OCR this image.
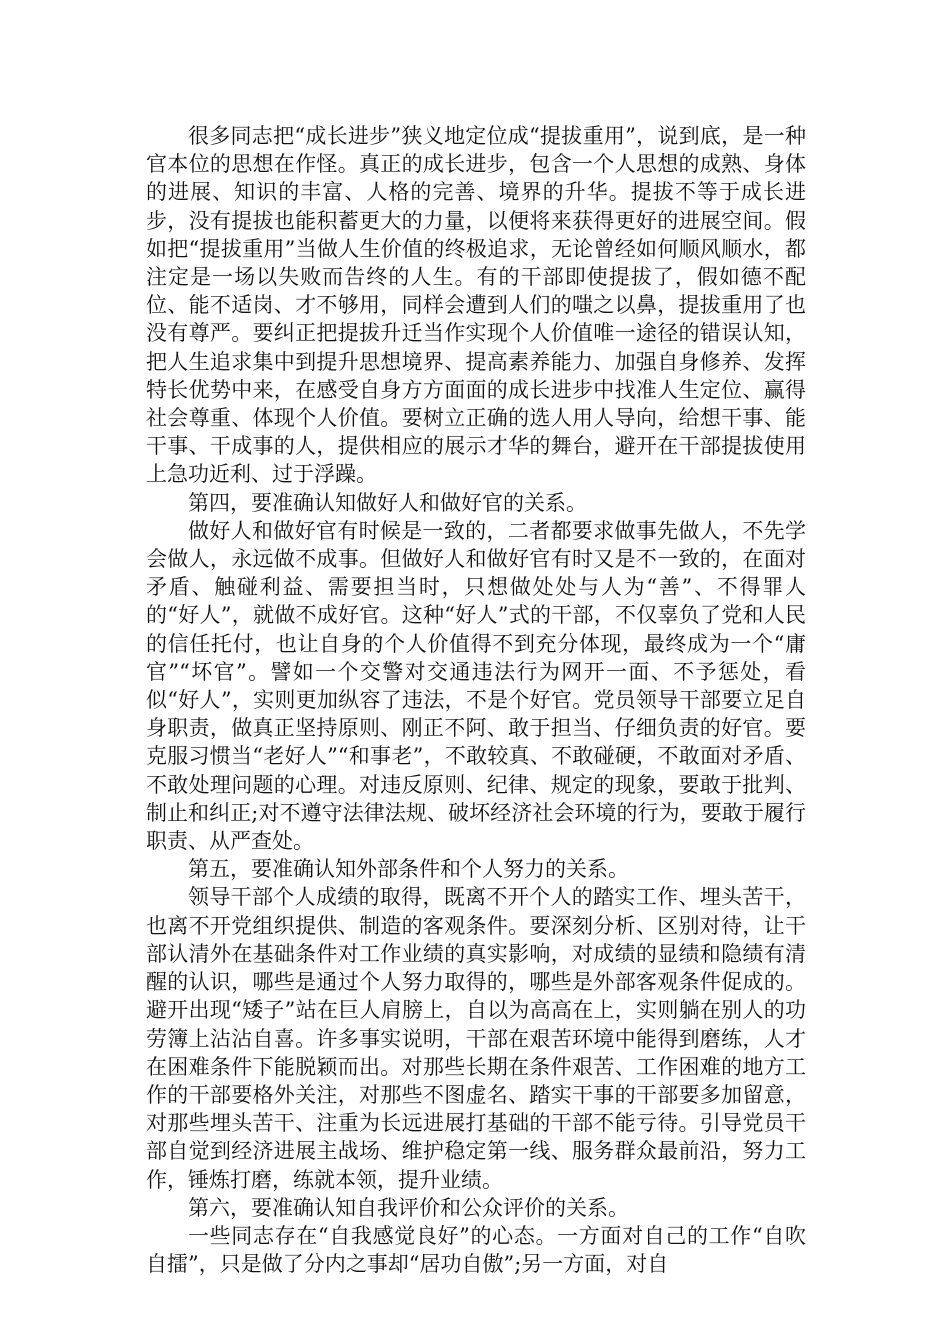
很多同志把“成长进步”狭义地定位成“提拔重用”，说到底，是一种官本位的思想在作怪。真正的成长进步，包含一个人思想的成熟、身体的进展、知识的丰富、人格的完善、境界的升华。提拔不等于成长进步，没有提拔也能积蓄更大的力量，以便将来获得更好的进展空间。假如把“提拔重用”当做人生价值的终极追求，无论曾经如何顺风顺水，都注定是一场以失败而告终的人生。有的干部即使提拔了，假如德不配位、能不适岗、才不够用，同样会遭到人们的嗤之以鼻，提拔重用了也没有尊严。要纠正把提拔升迁当作实现个人价值唯一途径的错误认知，把人生追求集中到提升思想境界、提高素养能力、加强自身修养、发挥特长优势中来，在感受自身方方面面的成长进步中找准人生定位、赢得社会尊重、体现个人价值。要树立正确的选人用人导向，给想干事、能干事、干成事的人，提供相应的展示才华的舞台，避开在干部提拔使用上急功近利、过于浮躁。

第四，要准确认知做好人和做好官的关系。

做好人和做好官有时候是一致的，二者都要求做事先做人，不先学会做人，永远做不成事。但做好人和做好官有时又是不一致的，在面对矛盾、触碰利益、需要担当时，只想做处处与人为“善”、不得罪人的“好人”，就做不成好官。这种“好人”式的干部，不仅辜负了党和人民的信任托付，也让自身的个人价值得不到充分体现，最终成为一个“庸官”“坏官”。譬如一个交警对交通违法行为网开一面、不予惩处，看似“好人”，实则更加纵容了违法，不是个好官。党员领导干部要立足自身职责，做真正坚持原则、刚正不阿、敢于担当、仔细负责的好官。要克服习惯当“老好人”“和事老”，不敢较真、不敢碰硬，不敢面对矛盾、不敢处理问题的心理。对违反原则、纪律、规定的现象，要敢于批判、制止和纠正;对不遵守法律法规、破坏经济社会环境的行为，要敢于履行职责、从严查处。

第五，要准确认知外部条件和个人努力的关系。

领导干部个人成绩的取得，既离不开个人的踏实工作、埋头苦干，也离不开党组织提供、制造的客观条件。要深刻分析、区别对待，让干部认清外在基础条件对工作业绩的真实影响，对成绩的显绩和隐绩有清醒的认识，哪些是通过个人努力取得的，哪些是外部客观条件促成的。避开出现“矮子”站在巨人肩膀上，自以为高高在上，实则躺在别人的功劳簿上沾沾自喜。许多事实说明，干部在艰苦环境中能得到磨练，人才在困难条件下能脱颖而出。对那些长期在条件艰苦、工作困难的地方工作的干部要格外关注，对那些不图虚名、踏实干事的干部要多加留意，对那些埋头苦干、注重为长远进展打基础的干部不能亏待。引导党员干部自觉到经济进展主战场、维护稳定第一线、服务群众最前沿，努力工作，锤炼打磨，练就本领，提升业绩。

第六，要准确认知自我评价和公众评价的关系。

一些同志存在“自我感觉良好”的心态。一方面对自己的工作“自吹自擂”，只是做了分内之事却“居功自傲”;另一方面，对自
